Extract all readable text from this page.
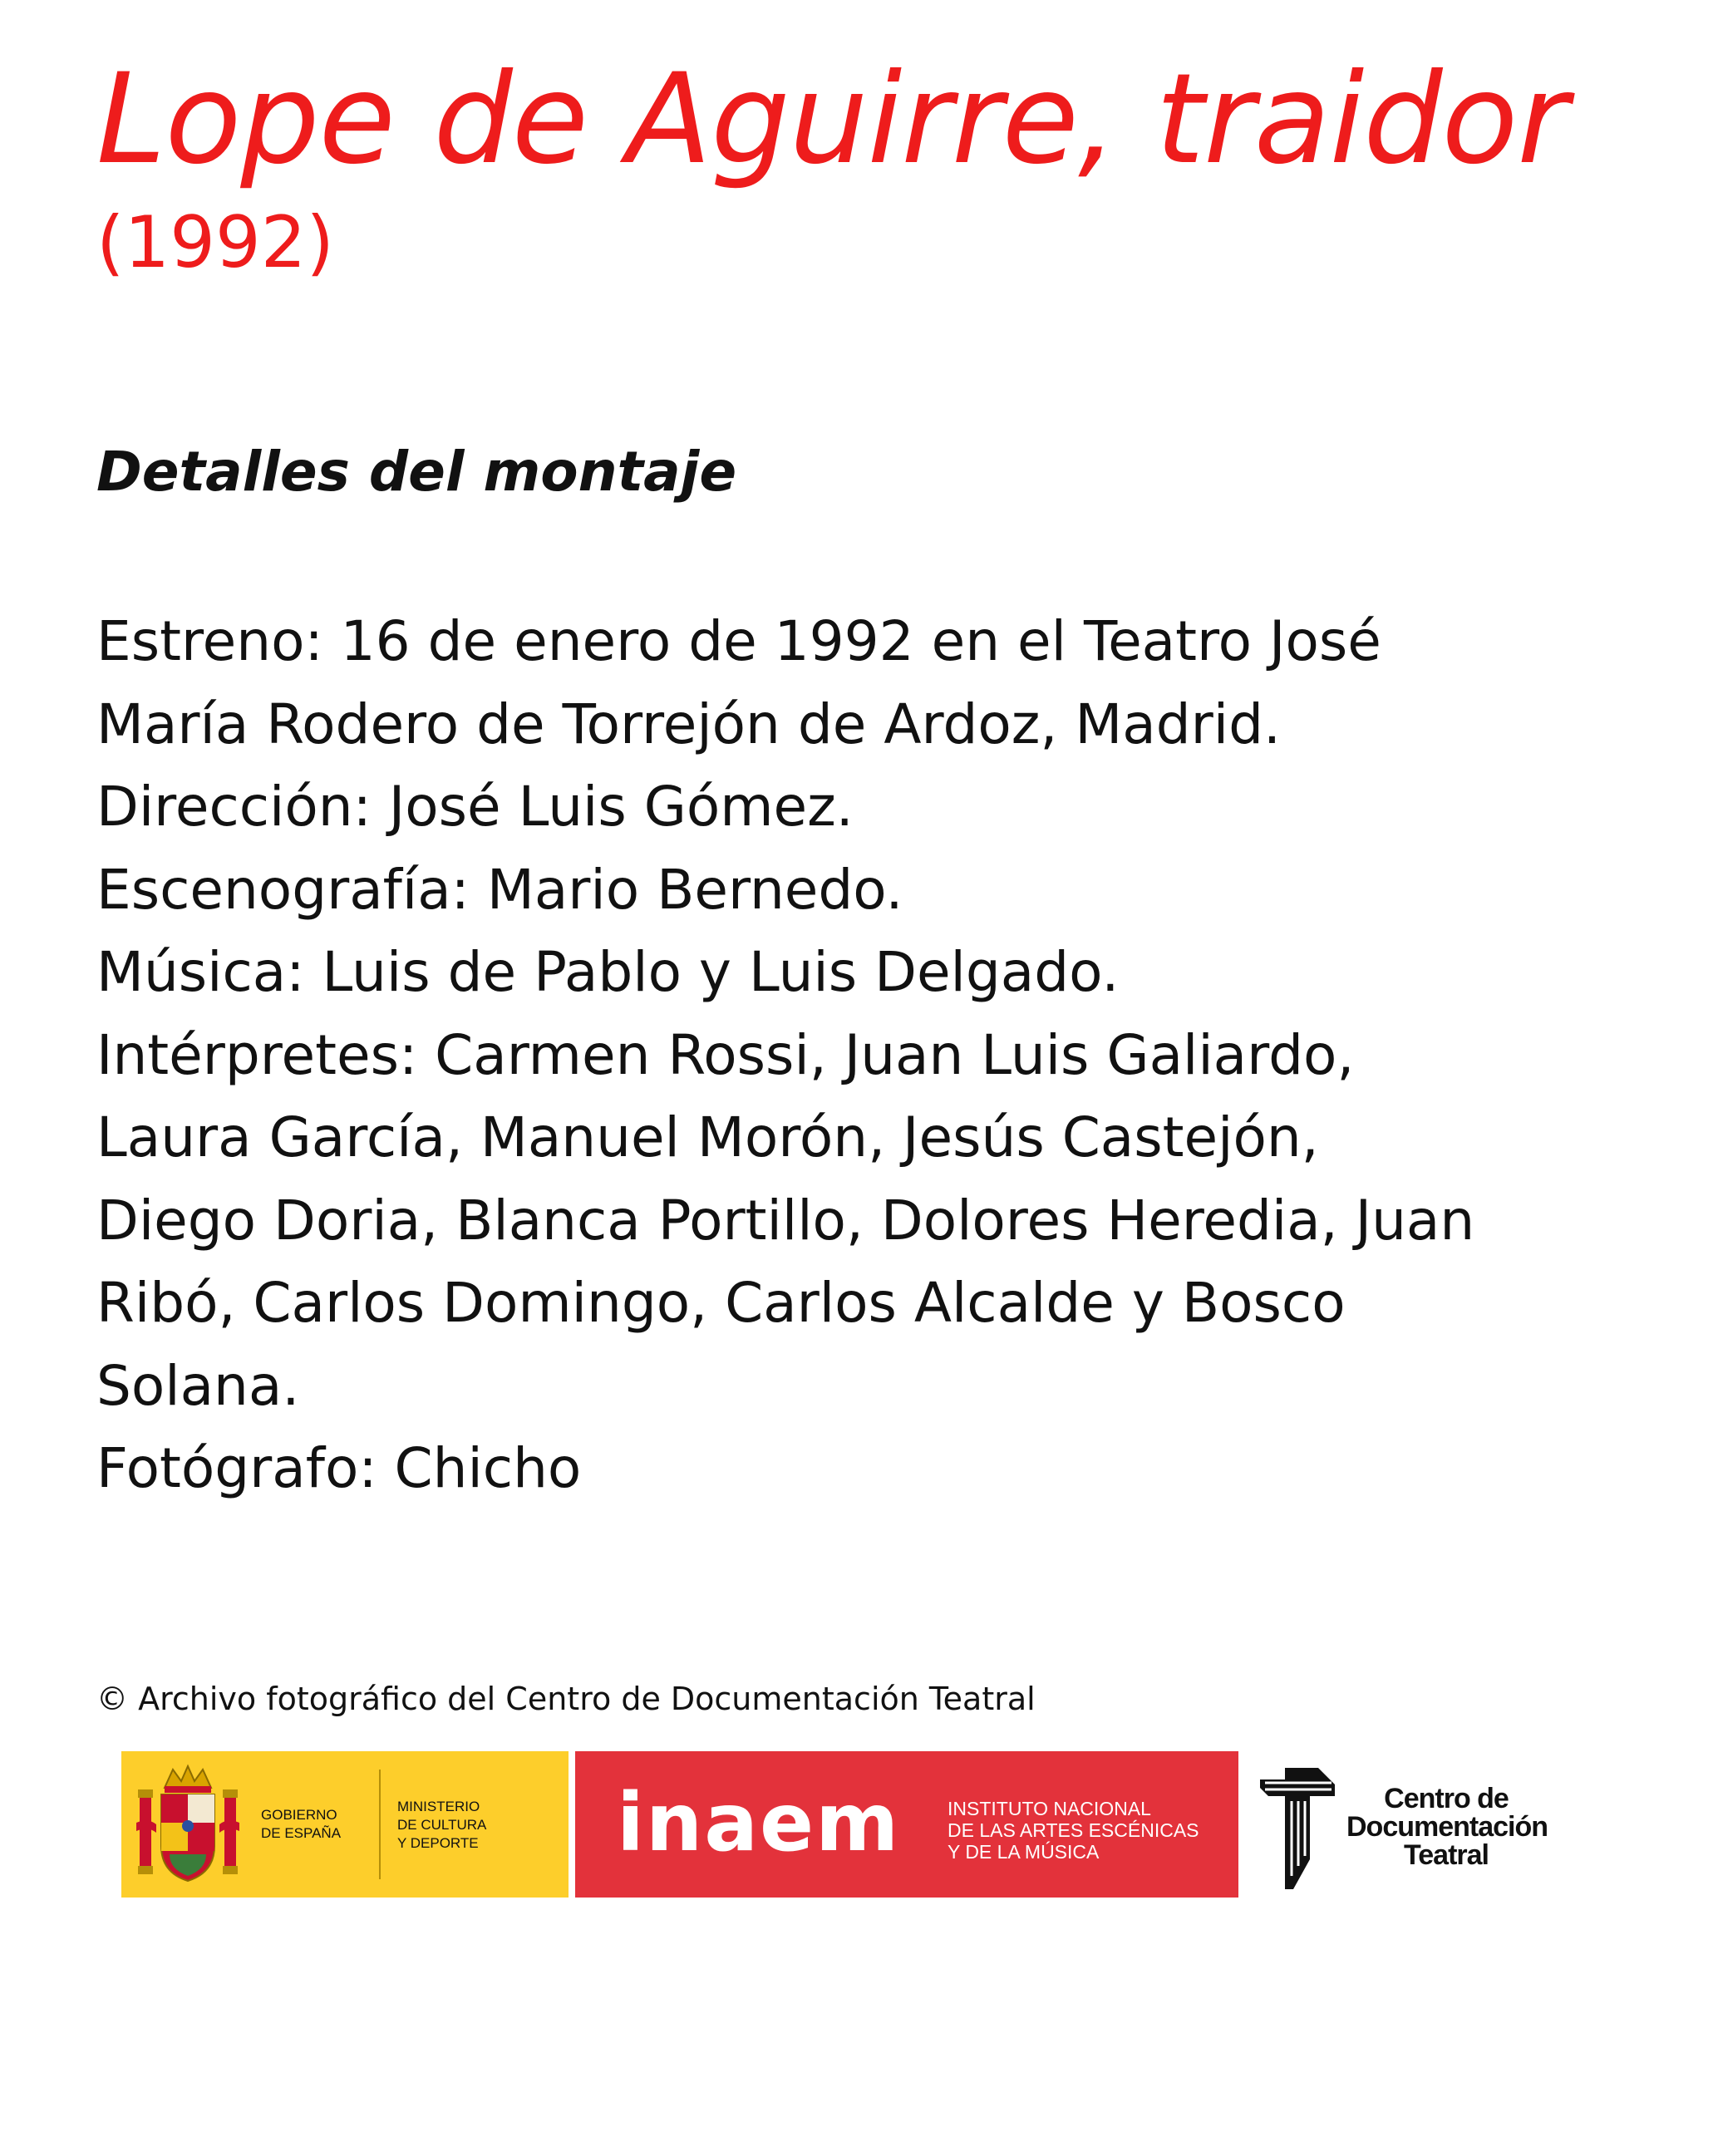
Lope de Aguirre, traidor
(1992)
Detalles del montaje
Estreno: 16 de enero de 1992 en el Teatro José
María Rodero de Torrejón de Ardoz, Madrid.
Dirección: José Luis Gómez.
Escenografía: Mario Bernedo.
Música: Luis de Pablo y Luis Delgado.
Intérpretes: Carmen Rossi, Juan Luis Galiardo,
Laura García, Manuel Morón, Jesús Castejón,
Diego Doria, Blanca Portillo, Dolores Heredia, Juan
Ribó, Carlos Domingo, Carlos Alcalde y Bosco
Solana.
Fotógrafo: Chicho
© Archivo fotográfico del Centro de Documentación Teatral
GOBIERNO
DE ESPAÑA
MINISTERIO
DE CULTURA
Y DEPORTE inaem INSTITUTO NACIONAL
DE LAS ARTES ESCÉNICAS
Y DE LA MÚSICA
Centro de
Documentación
Teatral
